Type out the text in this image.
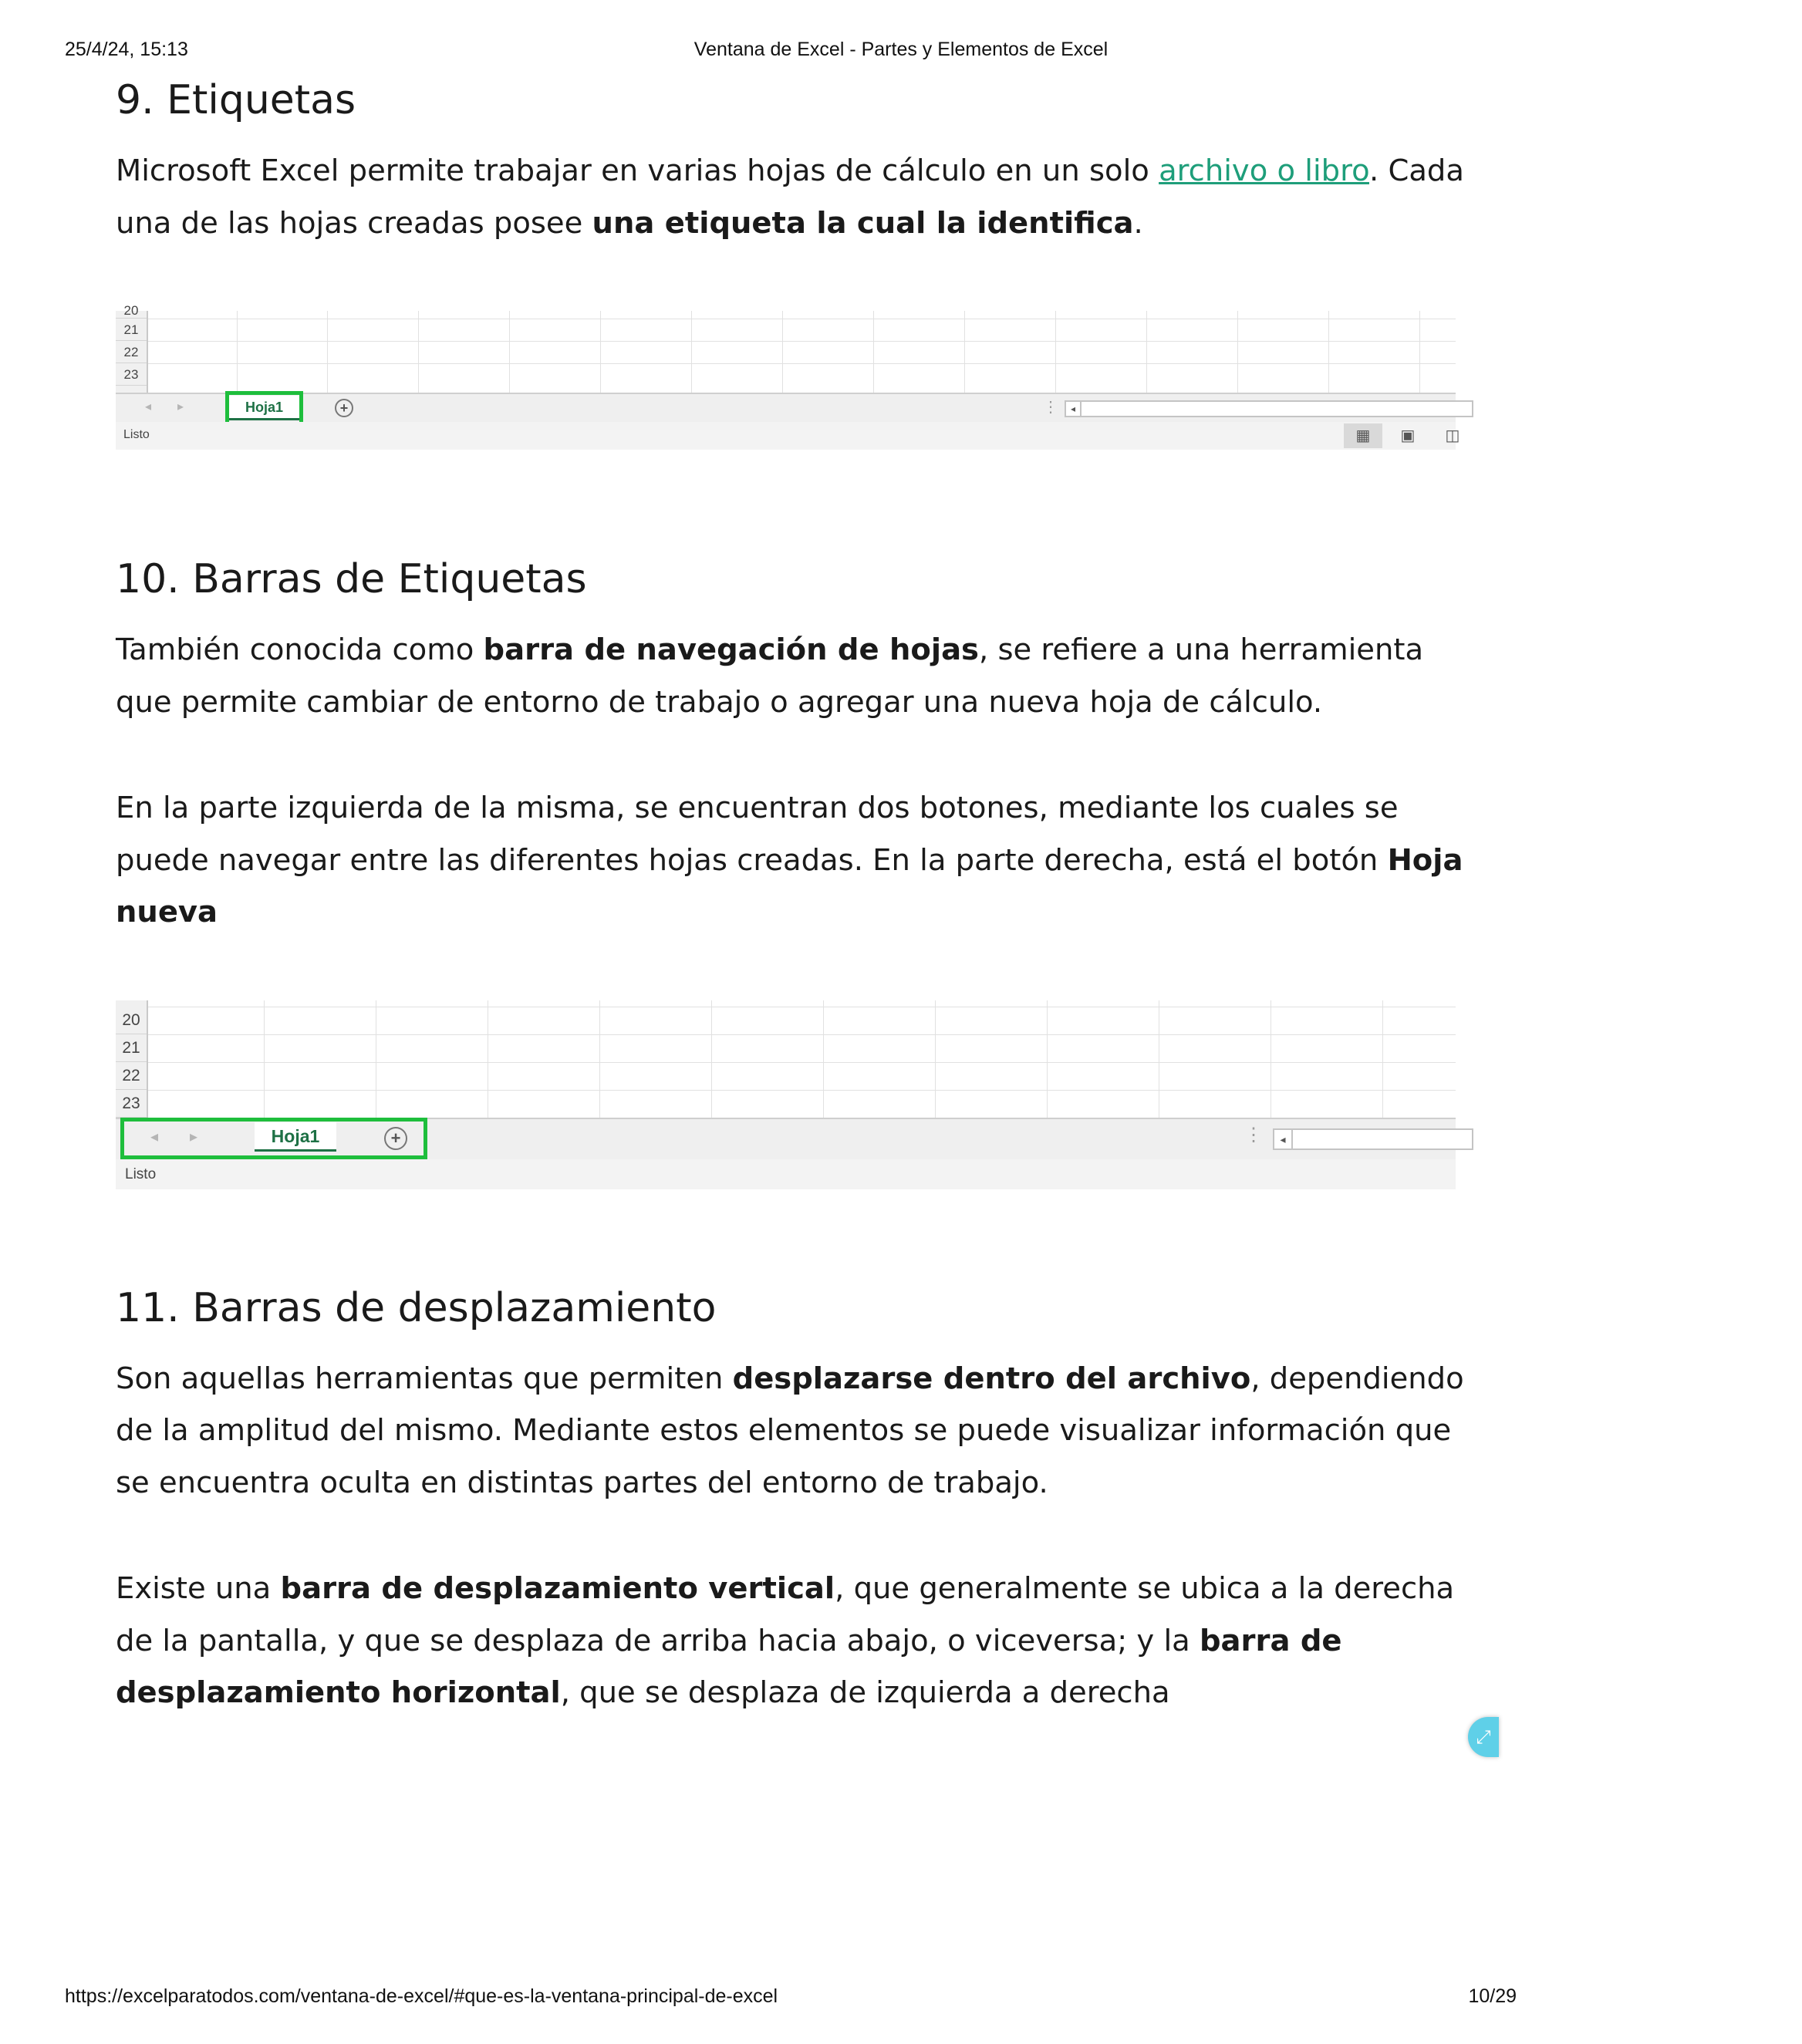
25/4/24, 15:13	Ventana de Excel - Partes y Elementos de Excel
9. Etiquetas

Microsoft Excel permite trabajar en varias hojas de cálculo en un solo archivo o libro. Cada una de las hojas creadas posee una etiqueta la cual la identifica.

20
21
22
23
◂ ▸	Hoja1	+	⋮	◂
Listo	▦	▣	◫
10. Barras de Etiquetas

También conocida como barra de navegación de hojas, se refiere a una herramienta que permite cambiar de entorno de trabajo o agregar una nueva hoja de cálculo.

En la parte izquierda de la misma, se encuentran dos botones, mediante los cuales se puede navegar entre las diferentes hojas creadas. En la parte derecha, está el botón Hoja nueva

20
21
22
23
◂ ▸	Hoja1	+	⋮	◂
Listo
11. Barras de desplazamiento

Son aquellas herramientas que permiten desplazarse dentro del archivo, dependiendo de la amplitud del mismo. Mediante estos elementos se puede visualizar información que se encuentra oculta en distintas partes del entorno de trabajo.

Existe una barra de desplazamiento vertical, que generalmente se ubica a la derecha de la pantalla, y que se desplaza de arriba hacia abajo, o viceversa; y la barra de desplazamiento horizontal, que se desplaza de izquierda a derecha

⤢
https://excelparatodos.com/ventana-de-excel/#que-es-la-ventana-principal-de-excel	10/29
